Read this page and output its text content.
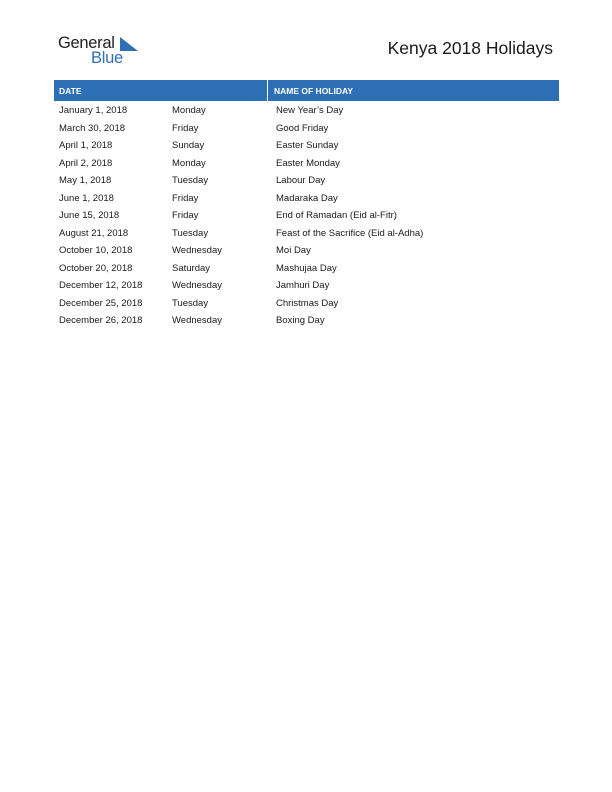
General
Blue	Kenya 2018 Holidays
DATE	NAME OF HOLIDAY
January 1, 2018	Monday	New Year’s Day
March 30, 2018	Friday	Good Friday
April 1, 2018	Sunday	Easter Sunday
April 2, 2018	Monday	Easter Monday
May 1, 2018	Tuesday	Labour Day
June 1, 2018	Friday	Madaraka Day
June 15, 2018	Friday	End of Ramadan (Eid al-Fitr)
August 21, 2018	Tuesday	Feast of the Sacrifice (Eid al-Adha)
October 10, 2018	Wednesday	Moi Day
October 20, 2018	Saturday	Mashujaa Day
December 12, 2018	Wednesday	Jamhuri Day
December 25, 2018	Tuesday	Christmas Day
December 26, 2018	Wednesday	Boxing Day
